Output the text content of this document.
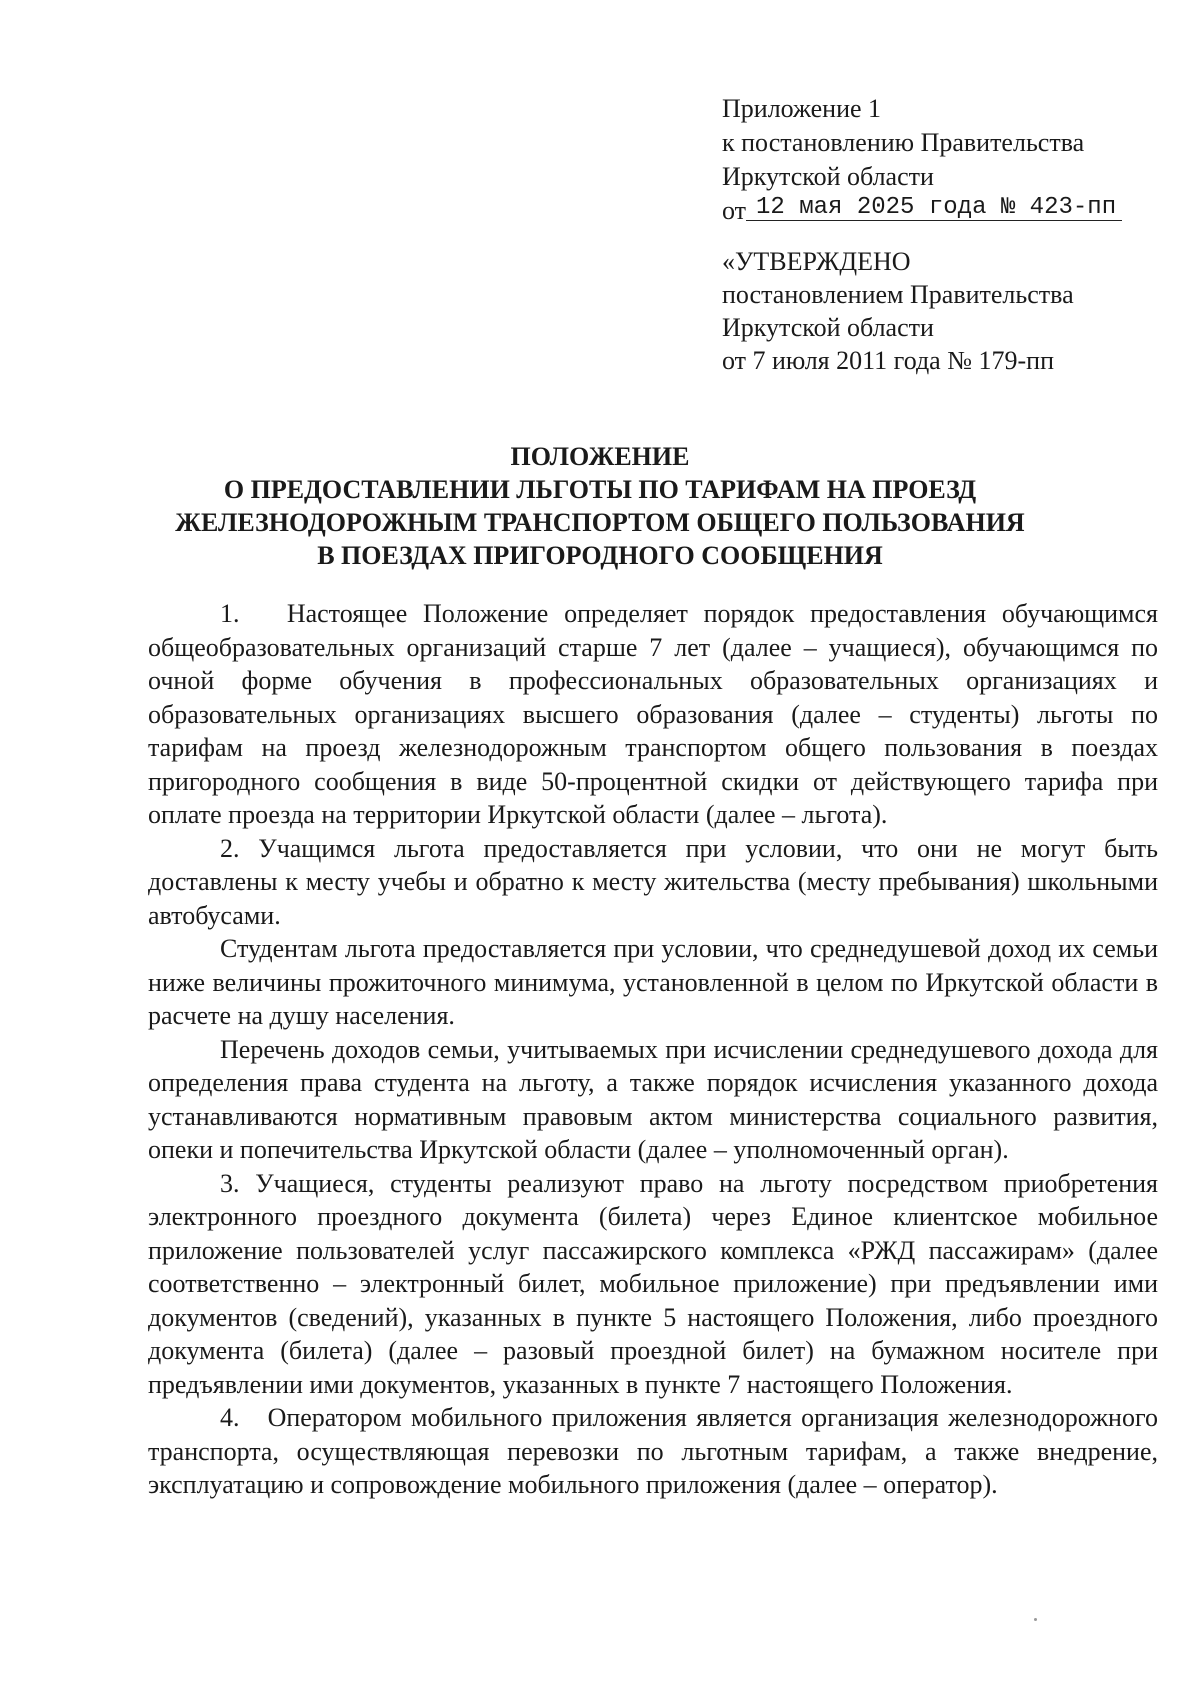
Приложение 1
к постановлению Правительства
Иркутской области
от 12 мая 2025 года № 423-пп
«УТВЕРЖДЕНО
постановлением Правительства
Иркутской области
от 7 июля 2011 года № 179-пп
ПОЛОЖЕНИЕ
О ПРЕДОСТАВЛЕНИИ ЛЬГОТЫ ПО ТАРИФАМ НА ПРОЕЗД
ЖЕЛЕЗНОДОРОЖНЫМ ТРАНСПОРТОМ ОБЩЕГО ПОЛЬЗОВАНИЯ
В ПОЕЗДАХ ПРИГОРОДНОГО СООБЩЕНИЯ

1.   Настоящее Положение определяет порядок предоставления обучающимся общеобразовательных организаций старше 7 лет (далее – учащиеся), обучающимся по очной форме обучения в профессиональных образовательных организациях и образовательных организациях высшего образования (далее – студенты) льготы по тарифам на проезд железнодорожным транспортом общего пользования в поездах пригородного сообщения в виде 50-процентной скидки от действующего тарифа при оплате проезда на территории Иркутской области (далее – льгота).

2. Учащимся льгота предоставляется при условии, что они не могут быть доставлены к месту учебы и обратно к месту жительства (месту пребывания) школьными автобусами.

Студентам льгота предоставляется при условии, что среднедушевой доход их семьи ниже величины прожиточного минимума, установленной в целом по Иркутской области в расчете на душу населения.

Перечень доходов семьи, учитываемых при исчислении среднедушевого дохода для определения права студента на льготу, а также порядок исчисления указанного дохода устанавливаются нормативным правовым актом министерства социального развития, опеки и попечительства Иркутской области (далее – уполномоченный орган).

3. Учащиеся, студенты реализуют право на льготу посредством приобретения электронного проездного документа (билета) через Единое клиентское мобильное приложение пользователей услуг пассажирского комплекса «РЖД пассажирам» (далее соответственно – электронный билет, мобильное приложение) при предъявлении ими документов (сведений), указанных в пункте 5 настоящего Положения, либо проездного документа (билета) (далее – разовый проездной билет) на бумажном носителе при предъявлении ими документов, указанных в пункте 7 настоящего Положения.

4.   Оператором мобильного приложения является организация железнодорожного транспорта, осуществляющая перевозки по льготным тарифам, а также внедрение, эксплуатацию и сопровождение мобильного приложения (далее – оператор).
